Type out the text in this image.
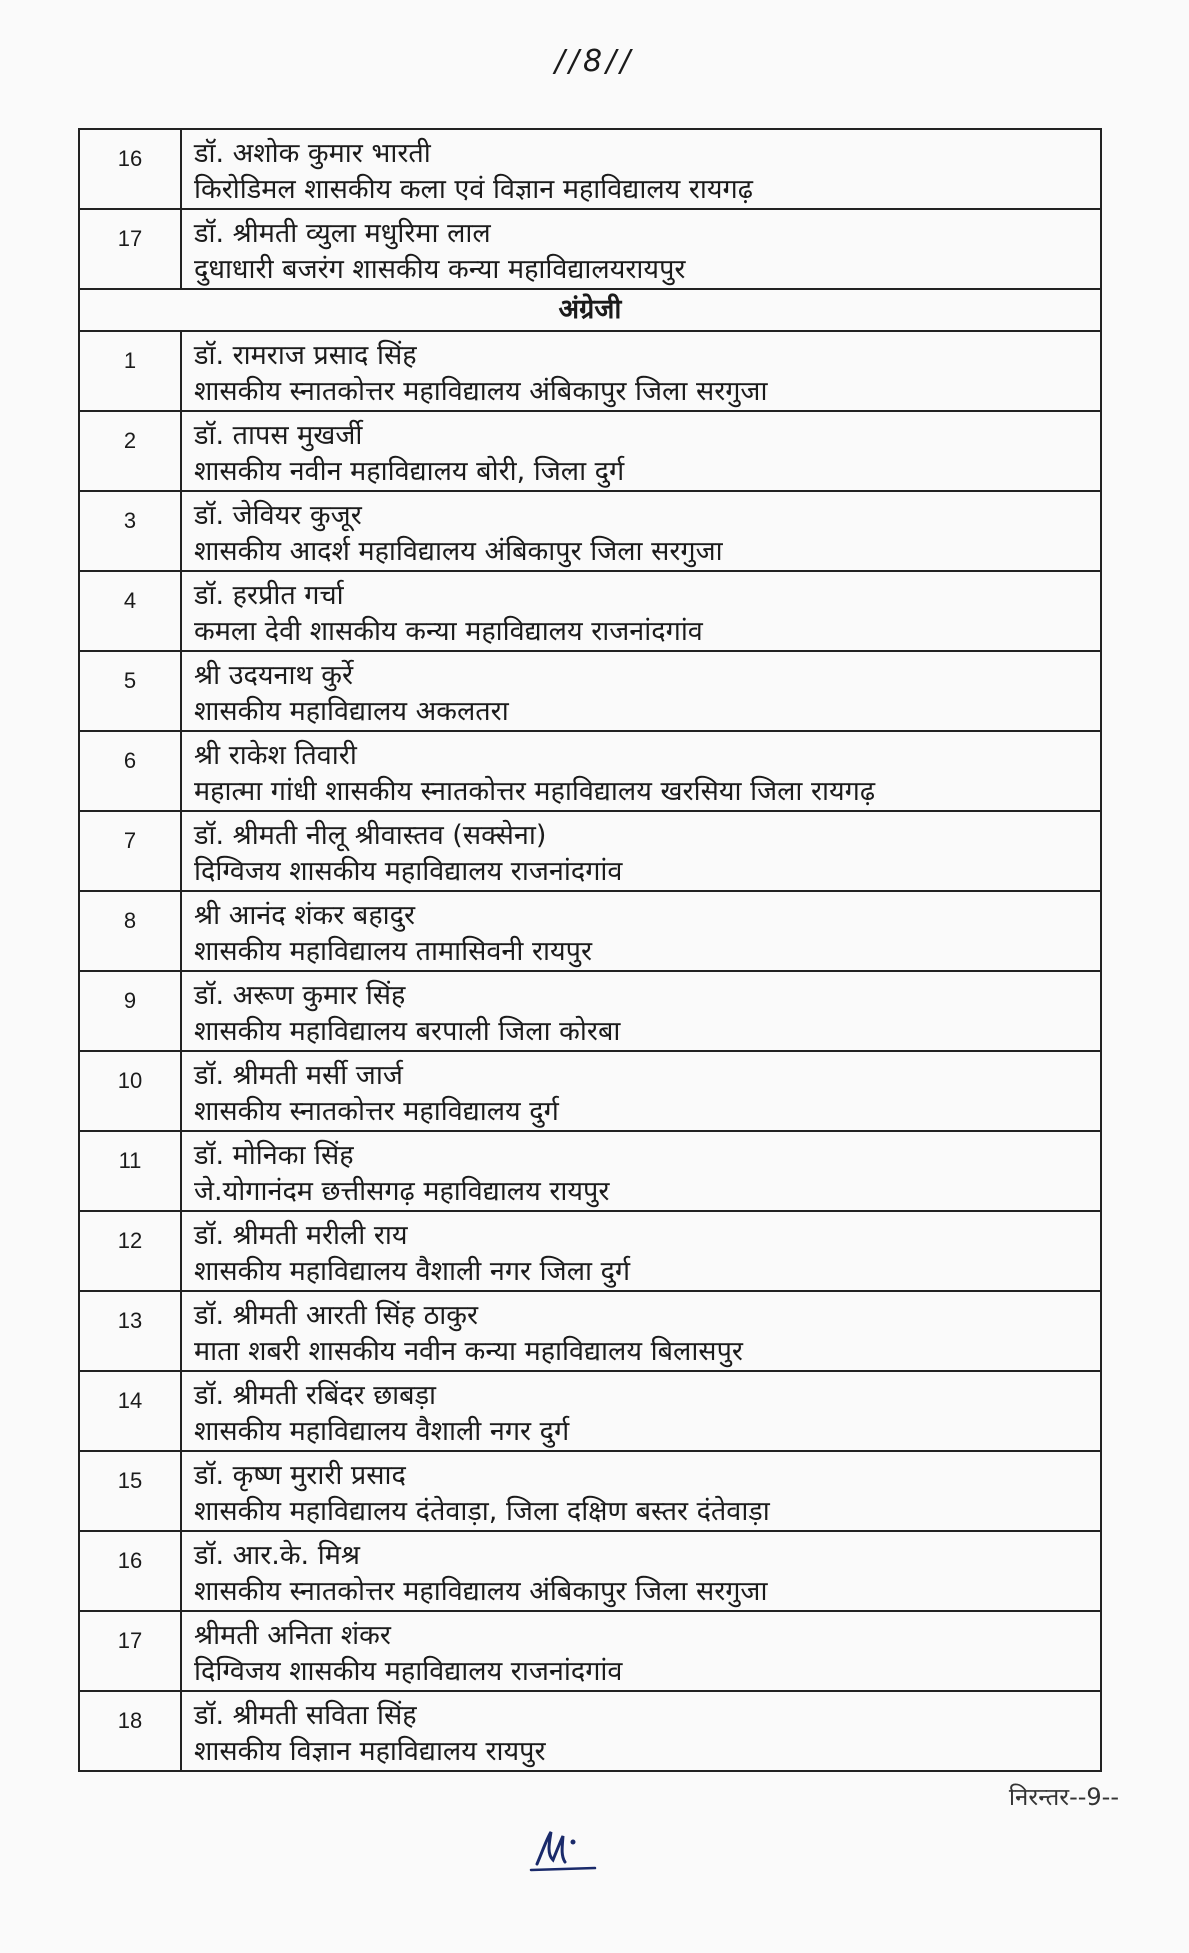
//8//
16	डॉ. अशोक कुमार भारती
किरोडिमल शासकीय कला एवं विज्ञान महाविद्यालय रायगढ़

17	डॉ. श्रीमती व्युला मधुरिमा लाल
दुधाधारी बजरंग शासकीय कन्या महाविद्यालयरायपुर

अंग्रेजी	
1	डॉ. रामराज प्रसाद सिंह
शासकीय स्नातकोत्तर महाविद्यालय अंबिकापुर जिला सरगुजा

2	डॉ. तापस मुखर्जी
शासकीय नवीन महाविद्यालय बोरी, जिला दुर्ग

3	डॉ. जेवियर कुजूर
शासकीय आदर्श महाविद्यालय अंबिकापुर जिला सरगुजा

4	डॉ. हरप्रीत गर्चा
कमला देवी शासकीय कन्या महाविद्यालय राजनांदगांव

5	श्री उदयनाथ कुर्रे
शासकीय महाविद्यालय अकलतरा

6	श्री राकेश तिवारी
महात्मा गांधी शासकीय स्नातकोत्तर महाविद्यालय खरसिया जिला रायगढ़

7	डॉ. श्रीमती नीलू श्रीवास्तव (सक्सेना)
दिग्विजय शासकीय महाविद्यालय राजनांदगांव

8	श्री आनंद शंकर बहादुर
शासकीय महाविद्यालय तामासिवनी रायपुर

9	डॉ. अरूण कुमार सिंह
शासकीय महाविद्यालय बरपाली जिला कोरबा

10	डॉ. श्रीमती मर्सी जार्ज
शासकीय स्नातकोत्तर महाविद्यालय दुर्ग

11	डॉ. मोनिका सिंह
जे.योगानंदम छत्तीसगढ़ महाविद्यालय रायपुर

12	डॉ. श्रीमती मरीली राय
शासकीय महाविद्यालय वैशाली नगर जिला दुर्ग

13	डॉ. श्रीमती आरती सिंह ठाकुर
माता शबरी शासकीय नवीन कन्या महाविद्यालय बिलासपुर

14	डॉ. श्रीमती रबिंदर छाबड़ा
शासकीय महाविद्यालय वैशाली नगर दुर्ग

15	डॉ. कृष्ण मुरारी प्रसाद
शासकीय महाविद्यालय दंतेवाड़ा, जिला दक्षिण बस्तर दंतेवाड़ा

16	डॉ. आर.के. मिश्र
शासकीय स्नातकोत्तर महाविद्यालय अंबिकापुर जिला सरगुजा

17	श्रीमती अनिता शंकर
दिग्विजय शासकीय महाविद्यालय राजनांदगांव

18	डॉ. श्रीमती सविता सिंह
शासकीय विज्ञान महाविद्यालय रायपुर
निरन्तर--9--
